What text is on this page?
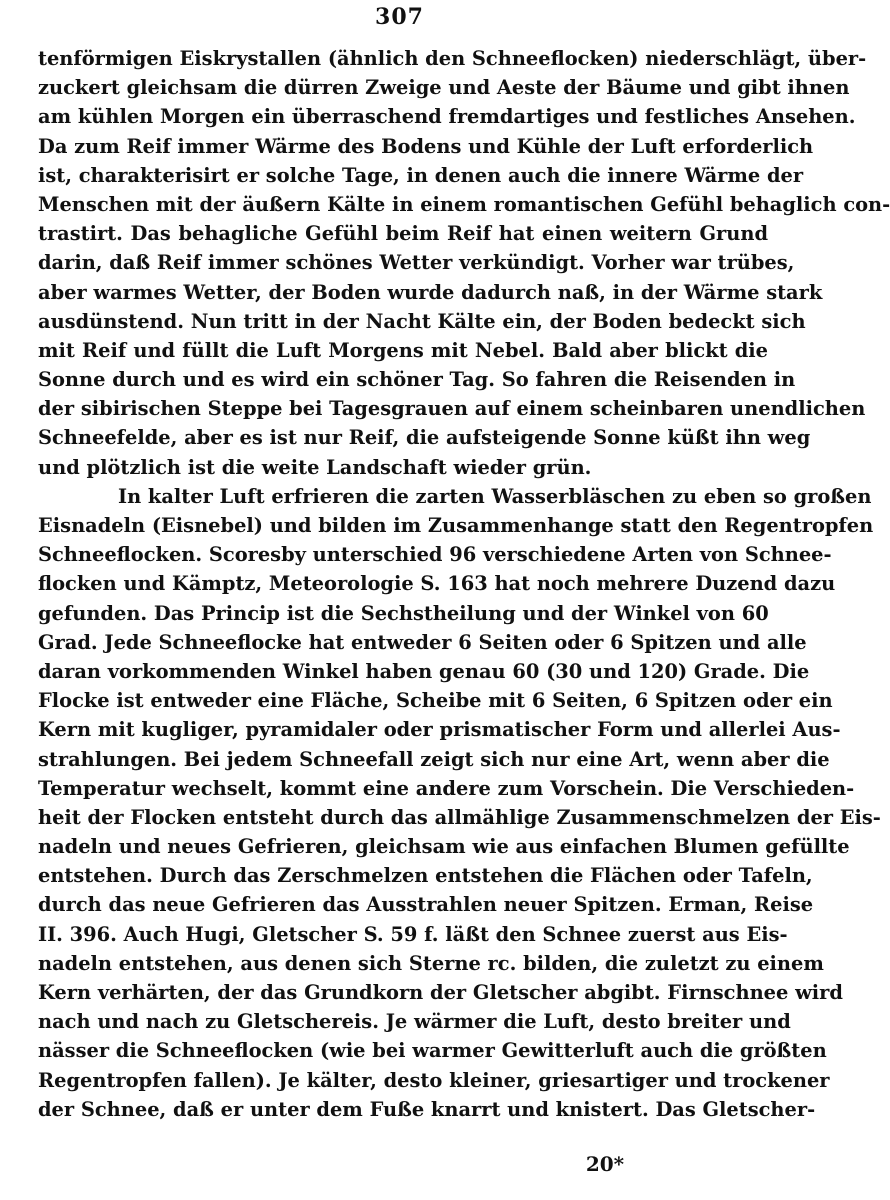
307
tenförmigen Eiskrystallen (ähnlich den Schneeflocken) niederschlägt, über-
zuckert gleichsam die dürren Zweige und Aeste der Bäume und gibt ihnen
am kühlen Morgen ein überraschend fremdartiges und festliches Ansehen.
Da zum Reif immer Wärme des Bodens und Kühle der Luft erforderlich
ist, charakterisirt er solche Tage, in denen auch die innere Wärme der
Menschen mit der äußern Kälte in einem romantischen Gefühl behaglich con-
trastirt. Das behagliche Gefühl beim Reif hat einen weitern Grund
darin, daß Reif immer schönes Wetter verkündigt. Vorher war trübes,
aber warmes Wetter, der Boden wurde dadurch naß, in der Wärme stark
ausdünstend. Nun tritt in der Nacht Kälte ein, der Boden bedeckt sich
mit Reif und füllt die Luft Morgens mit Nebel. Bald aber blickt die
Sonne durch und es wird ein schöner Tag. So fahren die Reisenden in
der sibirischen Steppe bei Tagesgrauen auf einem scheinbaren unendlichen
Schneefelde, aber es ist nur Reif, die aufsteigende Sonne küßt ihn weg
und plötzlich ist die weite Landschaft wieder grün.
In kalter Luft erfrieren die zarten Wasserbläschen zu eben so großen
Eisnadeln (Eisnebel) und bilden im Zusammenhange statt den Regentropfen
Schneeflocken. Scoresby unterschied 96 verschiedene Arten von Schnee-
flocken und Kämptz, Meteorologie S. 163 hat noch mehrere Duzend dazu
gefunden. Das Princip ist die Sechstheilung und der Winkel von 60
Grad. Jede Schneeflocke hat entweder 6 Seiten oder 6 Spitzen und alle
daran vorkommenden Winkel haben genau 60 (30 und 120) Grade. Die
Flocke ist entweder eine Fläche, Scheibe mit 6 Seiten, 6 Spitzen oder ein
Kern mit kugliger, pyramidaler oder prismatischer Form und allerlei Aus-
strahlungen. Bei jedem Schneefall zeigt sich nur eine Art, wenn aber die
Temperatur wechselt, kommt eine andere zum Vorschein. Die Verschieden-
heit der Flocken entsteht durch das allmählige Zusammenschmelzen der Eis-
nadeln und neues Gefrieren, gleichsam wie aus einfachen Blumen gefüllte
entstehen. Durch das Zerschmelzen entstehen die Flächen oder Tafeln,
durch das neue Gefrieren das Ausstrahlen neuer Spitzen. Erman, Reise
II. 396. Auch Hugi, Gletscher S. 59 f. läßt den Schnee zuerst aus Eis-
nadeln entstehen, aus denen sich Sterne rc. bilden, die zuletzt zu einem
Kern verhärten, der das Grundkorn der Gletscher abgibt. Firnschnee wird
nach und nach zu Gletschereis. Je wärmer die Luft, desto breiter und
nässer die Schneeflocken (wie bei warmer Gewitterluft auch die größten
Regentropfen fallen). Je kälter, desto kleiner, griesartiger und trockener
der Schnee, daß er unter dem Fuße knarrt und knistert. Das Gletscher-
20*
